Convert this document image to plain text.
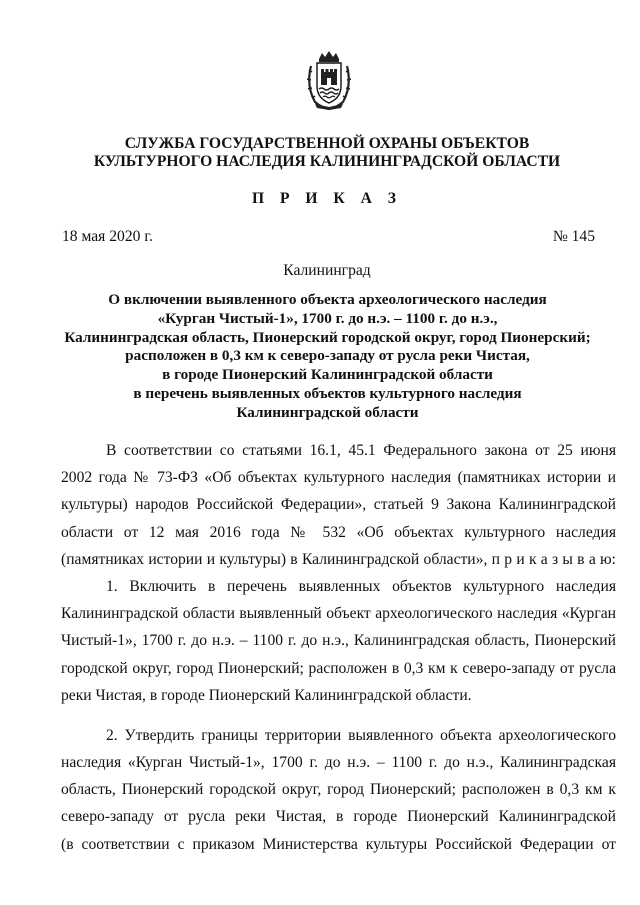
СЛУЖБА ГОСУДАРСТВЕННОЙ ОХРАНЫ ОБЪЕКТОВ
КУЛЬТУРНОГО НАСЛЕДИЯ КАЛИНИНГРАДСКОЙ ОБЛАСТИ
П Р И К А З
18 мая 2020 г.	№ 145
Калининград
О включении выявленного объекта археологического наследия
«Курган Чистый-1», 1700 г. до н.э. – 1100 г. до н.э.,
Калининградская область, Пионерский городской округ, город Пионерский;
расположен в 0,3 км к северо-западу от русла реки Чистая,
в городе Пионерский Калининградской области
в перечень выявленных объектов культурного наследия
Калининградской области
В соответствии со статьями 16.1, 45.1 Федерального закона от 25 июня
2002 года № 73-ФЗ «Об объектах культурного наследия (памятниках истории и
культуры) народов Российской Федерации», статьей 9 Закона Калининградской
области от 12 мая 2016 года № 532 «Об объектах культурного наследия
(памятниках истории и культуры) в Калининградской области», п р и к а з ы в а ю:
1. Включить в перечень выявленных объектов культурного наследия
Калининградской области выявленный объект археологического наследия «Курган
Чистый-1», 1700 г. до н.э. – 1100 г. до н.э., Калининградская область, Пионерский
городской округ, город Пионерский; расположен в 0,3 км к северо-западу от русла
реки Чистая, в городе Пионерский Калининградской области.
2. Утвердить границы территории выявленного объекта археологического
наследия «Курган Чистый-1», 1700 г. до н.э. – 1100 г. до н.э., Калининградская
область, Пионерский городской округ, город Пионерский; расположен в 0,3 км к
северо-западу от русла реки Чистая, в городе Пионерский Калининградской
(в соответствии с приказом Министерства культуры Российской Федерации от
